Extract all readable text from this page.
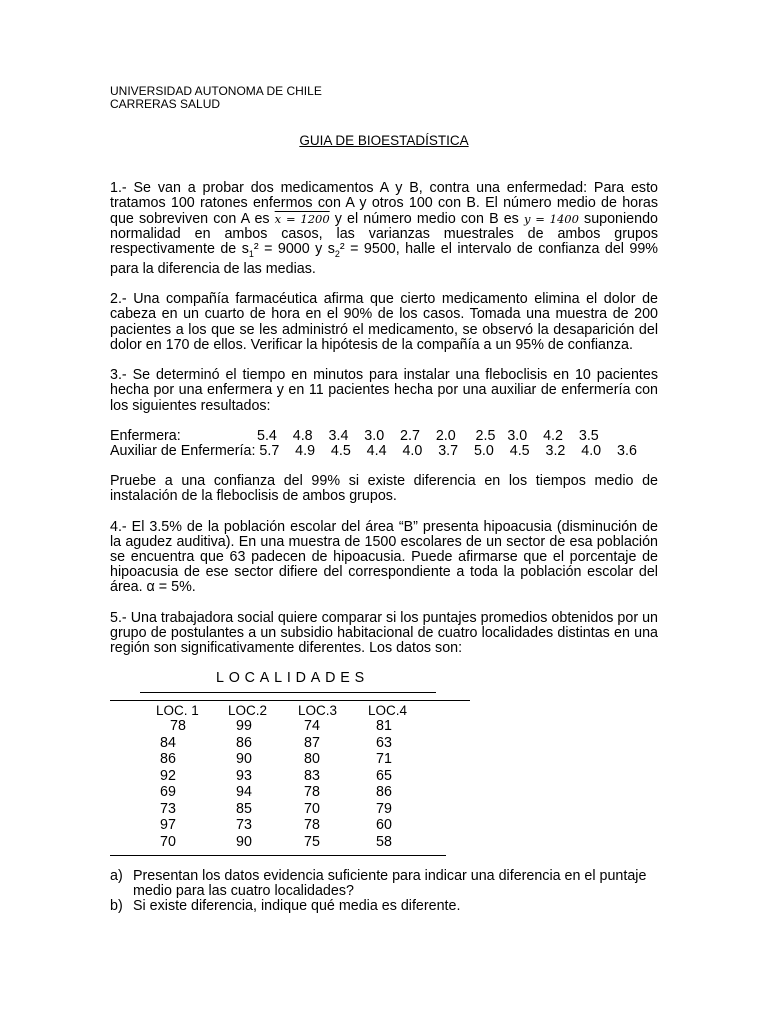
UNIVERSIDAD AUTONOMA DE CHILE
CARRERAS SALUD
GUIA DE BIOESTADÍSTICA

1.- Se van a probar dos medicamentos A y B, contra una enfermedad: Para esto tratamos 100 ratones enfermos con A y otros 100 con B. El número medio de horas que sobreviven con A es x = 1200 y el número medio con B es y = 1400 suponiendo normalidad en ambos casos, las varianzas muestrales de ambos grupos respectivamente de $s_1^2 = 9000$ y $s_2^2 = 9500$, halle el intervalo de confianza del 99% para la diferencia de las medias.

2.- Una compañía farmacéutica afirma que cierto medicamento elimina el dolor de cabeza en un cuarto de hora en el 90% de los casos. Tomada una muestra de 200 pacientes a los que se les administró el medicamento, se observó la desaparición del dolor en 170 de ellos. Verificar la hipótesis de la compañía a un 95% de confianza.

3.- Se determinó el tiempo en minutos para instalar una fleboclisis en 10 pacientes hecha por una enfermera y en 11 pacientes hecha por una auxiliar de enfermería con los siguientes resultados:

Enfermera:	5.4    4.8    3.4    3.0    2.7    2.0     2.5   3.0    4.2    3.5
Auxiliar de Enfermería: 5.7    4.9    4.5    4.4    4.0    3.7    5.0    4.5    3.2    4.0    3.6

Pruebe a una confianza del 99% si existe diferencia en los tiempos medio de instalación de la fleboclisis de ambos grupos.

4.- El 3.5% de la población escolar del área “B” presenta hipoacusia (disminución de la agudez auditiva). En una muestra de 1500 escolares de un sector de esa población se encuentra que 63 padecen de hipoacusia. Puede afirmarse que el porcentaje de hipoacusia de ese sector difiere del correspondiente a toda la población escolar del área. α = 5%.

5.- Una trabajadora social quiere comparar si los puntajes promedios obtenidos por un grupo de postulantes a un subsidio habitacional de cuatro localidades distintas en una región son significativamente diferentes. Los datos son:

LOCALIDADES
LOC. 1	LOC.2	LOC.3	LOC.4
78	99	74	81
84	86	87	63
86	90	80	71
92	93	83	65
69	94	78	86
73	85	70	79
97	73	78	60
70	90	75	58
a) Presentan los datos evidencia suficiente para indicar una diferencia en el puntaje medio para las cuatro localidades?
b) Si existe diferencia, indique qué media es diferente.
